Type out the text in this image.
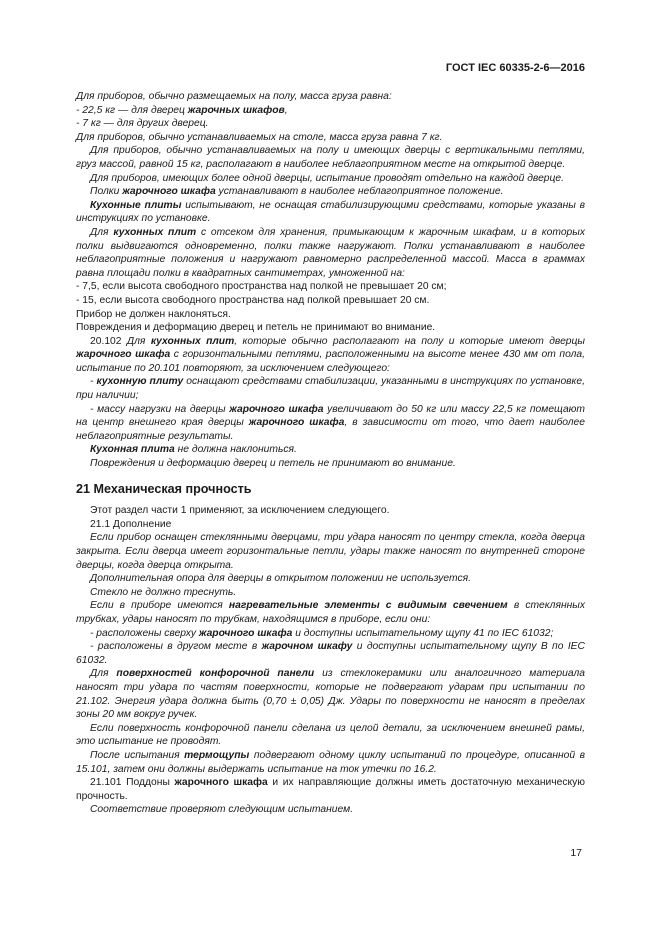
ГОСТ IEC 60335-2-6—2016

Для приборов, обычно размещаемых на полу, масса груза равна:

- 22,5 кг — для дверец жарочных шкафов,

- 7 кг — для других дверец.

Для приборов, обычно устанавливаемых на столе, масса груза равна 7 кг.

Для приборов, обычно устанавливаемых на полу и имеющих дверцы с вертикальными петлями, груз массой, равной 15 кг, располагают в наиболее неблагоприятном месте на открытой дверце.

Для приборов, имеющих более одной дверцы, испытание проводят отдельно на каждой дверце.

Полки жарочного шкафа устанавливают в наиболее неблагоприятное положение.

Кухонные плиты испытывают, не оснащая стабилизирующими средствами, которые указаны в инструкциях по установке.

Для кухонных плит с отсеком для хранения, примыкающим к жарочным шкафам, и в которых полки выдвигаются одновременно, полки также нагружают. Полки устанавливают в наиболее неблагоприятные положения и нагружают равномерно распределенной массой. Масса в граммах равна площади полки в квадратных сантиметрах, умноженной на:

- 7,5, если высота свободного пространства над полкой не превышает 20 см;

- 15, если высота свободного пространства над полкой превышает 20 см.

Прибор не должен наклоняться.

Повреждения и деформацию дверец и петель не принимают во внимание.

20.102 Для кухонных плит, которые обычно располагают на полу и которые имеют дверцы жарочного шкафа с горизонтальными петлями, расположенными на высоте менее 430 мм от пола, испытание по 20.101 повторяют, за исключением следующего:

- кухонную плиту оснащают средствами стабилизации, указанными в инструкциях по установке, при наличии;

- массу нагрузки на дверцы жарочного шкафа увеличивают до 50 кг или массу 22,5 кг помещают на центр внешнего края дверцы жарочного шкафа, в зависимости от того, что дает наиболее неблагоприятные результаты.

Кухонная плита не должна наклониться.

Повреждения и деформацию дверец и петель не принимают во внимание.

21 Механическая прочность

Этот раздел части 1 применяют, за исключением следующего.

21.1 Дополнение

Если прибор оснащен стеклянными дверцами, три удара наносят по центру стекла, когда дверца закрыта. Если дверца имеет горизонтальные петли, удары также наносят по внутренней стороне дверцы, когда дверца открыта.

Дополнительная опора для дверцы в открытом положении не используется.

Стекло не должно треснуть.

Если в приборе имеются нагревательные элементы с видимым свечением в стеклянных трубках, удары наносят по трубкам, находящимся в приборе, если они:

- расположены сверху жарочного шкафа и доступны испытательному щупу 41 по IEC 61032;

- расположены в другом месте в жарочном шкафу и доступны испытательному щупу В по IEC 61032.

Для поверхностей конфорочной панели из стеклокерамики или аналогичного материала наносят три удара по частям поверхности, которые не подвергают ударам при испытании по 21.102. Энергия удара должна быть (0,70 ± 0,05) Дж. Удары по поверхности не наносят в пределах зоны 20 мм вокруг ручек.

Если поверхность конфорочной панели сделана из целой детали, за исключением внешней рамы, это испытание не проводят.

После испытания термощупы подвергают одному циклу испытаний по процедуре, описанной в 15.101, затем они должны выдержать испытание на ток утечки по 16.2.

21.101 Поддоны жарочного шкафа и их направляющие должны иметь достаточную механическую прочность.

Соответствие проверяют следующим испытанием.

17
